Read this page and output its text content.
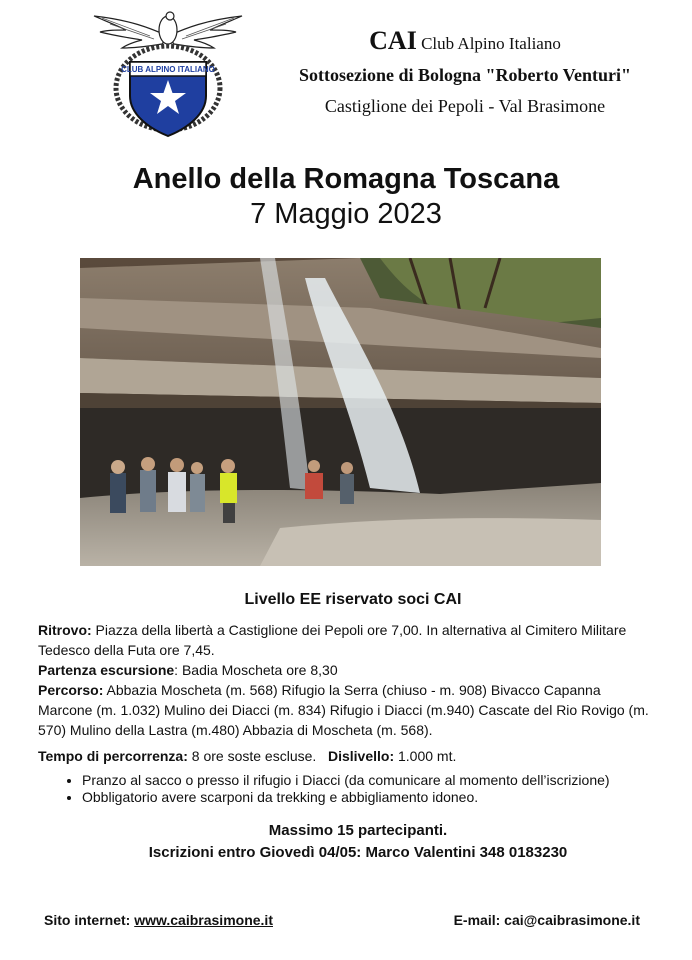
CLUB ALPINO ITALIANO
CAI Club Alpino Italiano
Sottosezione di Bologna "Roberto Venturi"
Castiglione dei Pepoli - Val Brasimone
Anello della Romagna Toscana
7 Maggio 2023
Livello EE riservato soci CAI

Ritrovo: Piazza della libertà a Castiglione dei Pepoli ore 7,00. In alternativa al Cimitero Militare Tedesco della Futa ore 7,45.

Partenza escursione: Badia Moscheta ore 8,30

Percorso: Abbazia Moscheta (m. 568) Rifugio la Serra (chiuso - m. 908) Bivacco Capanna Marcone (m. 1.032) Mulino dei Diacci (m. 834) Rifugio i Diacci (m.940) Cascate del Rio Rovigo (m. 570) Mulino della Lastra (m.480) Abbazia di Moscheta (m. 568).

Tempo di percorrenza: 8 ore soste escluse.   Dislivello: 1.000 mt.

• Pranzo al sacco o presso il rifugio i Diacci (da comunicare al momento dell’iscrizione)
• Obbligatorio avere scarponi da trekking e abbigliamento idoneo.
Massimo 15 partecipanti.
Iscrizioni entro Giovedì 04/05: Marco Valentini 348 0183230
Sito internet: www.caibrasimone.it	E-mail: cai@caibrasimone.it
